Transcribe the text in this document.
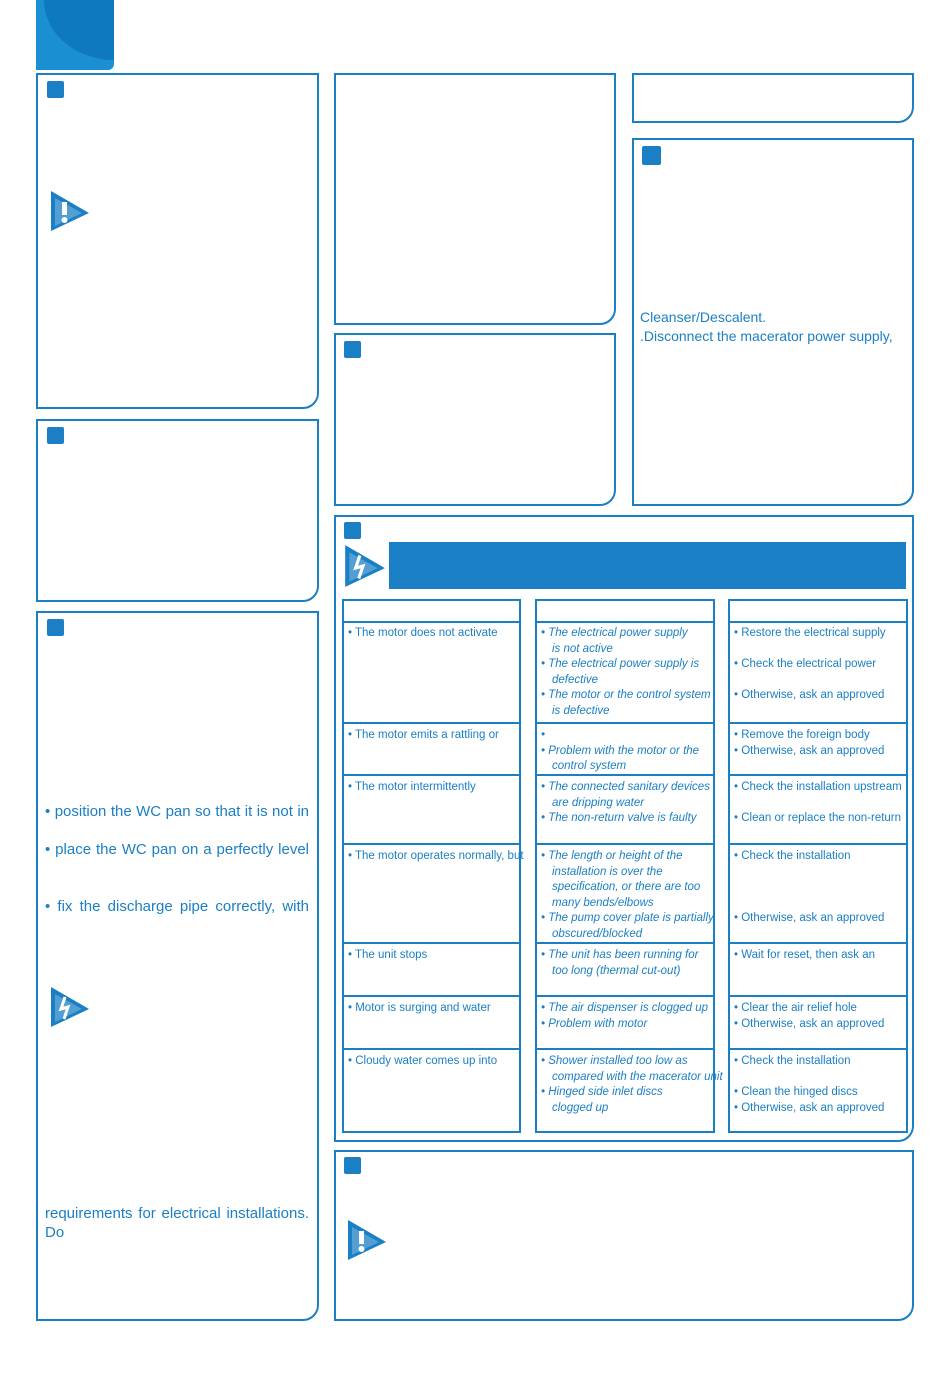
• position the WC pan so that it is not in
• place the WC pan on a perfectly level
• fix the discharge pipe correctly, with
requirements for electrical installations. Do
Cleanser/Descalent.
.Disconnect the macerator power supply,
• The motor does not activate
• The motor emits a rattling or
• The motor intermittently
• The motor operates normally, but
• The unit stops
• Motor is surging and water
• Cloudy water comes up into
• The electrical power supply
is not active
• The electrical power supply is
defective
• The motor or the control system
is defective
•
• Problem with the motor or the
control system
• The connected sanitary devices
are dripping water
• The non-return valve is faulty
• The length or height of the
installation is over the
specification, or there are too
many bends/elbows
• The pump cover plate is partially
obscured/blocked
• The unit has been running for
too long (thermal cut-out)
• The air dispenser is clogged up
• Problem with motor
• Shower installed too low as
compared with the macerator unit
• Hinged side inlet discs
clogged up
• Restore the electrical supply
• Check the electrical power
• Otherwise, ask an approved
• Remove the foreign body
• Otherwise, ask an approved
• Check the installation upstream
• Clean or replace the non-return
• Check the installation
• Otherwise, ask an approved
• Wait for reset, then ask an
• Clear the air relief hole
• Otherwise, ask an approved
• Check the installation
• Clean the hinged discs
• Otherwise, ask an approved
